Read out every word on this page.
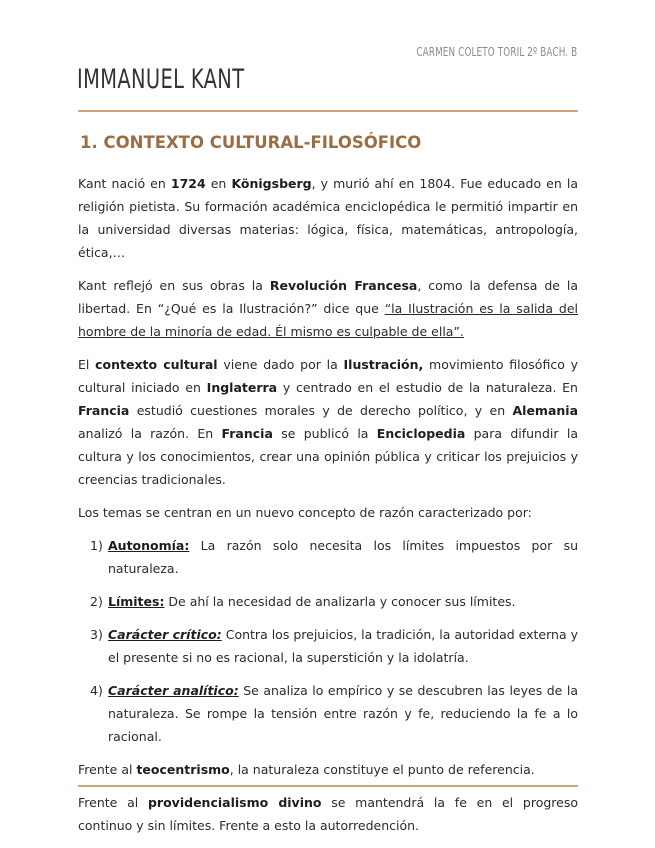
CARMEN COLETO TORIL 2º BACH. B
IMMANUEL KANT
1. CONTEXTO CULTURAL-FILOSÓFICO

Kant nació en 1724 en Königsberg, y murió ahí en 1804. Fue educado en la religión pietista. Su formación académica enciclopédica le permitió impartir en la universidad diversas materias: lógica, física, matemáticas, antropología, ética,…

Kant reflejó en sus obras la Revolución Francesa, como la defensa de la libertad. En “¿Qué es la Ilustración?” dice que “la Ilustración es la salida del hombre de la minoría de edad. Él mismo es culpable de ella”.

El contexto cultural viene dado por la Ilustración, movimiento filosófico y cultural iniciado en Inglaterra y centrado en el estudio de la naturaleza. En Francia estudió cuestiones morales y de derecho político, y en Alemania analizó la razón. En Francia se publicó la Enciclopedia para difundir la cultura y los conocimientos, crear una opinión pública y criticar los prejuicios y creencias tradicionales.

Los temas se centran en un nuevo concepto de razón caracterizado por:

1) Autonomía: La razón solo necesita los límites impuestos por su naturaleza.
2) Límites: De ahí la necesidad de analizarla y conocer sus límites.
3) Carácter crítico: Contra los prejuicios, la tradición, la autoridad externa y el presente si no es racional, la superstición y la idolatría.
4) Carácter analítico: Se analiza lo empírico y se descubren las leyes de la naturaleza. Se rompe la tensión entre razón y fe, reduciendo la fe a lo racional.

Frente al teocentrismo, la naturaleza constituye el punto de referencia.

Frente al providencialismo divino se mantendrá la fe en el progreso continuo y sin límites. Frente a esto la autorredención.
